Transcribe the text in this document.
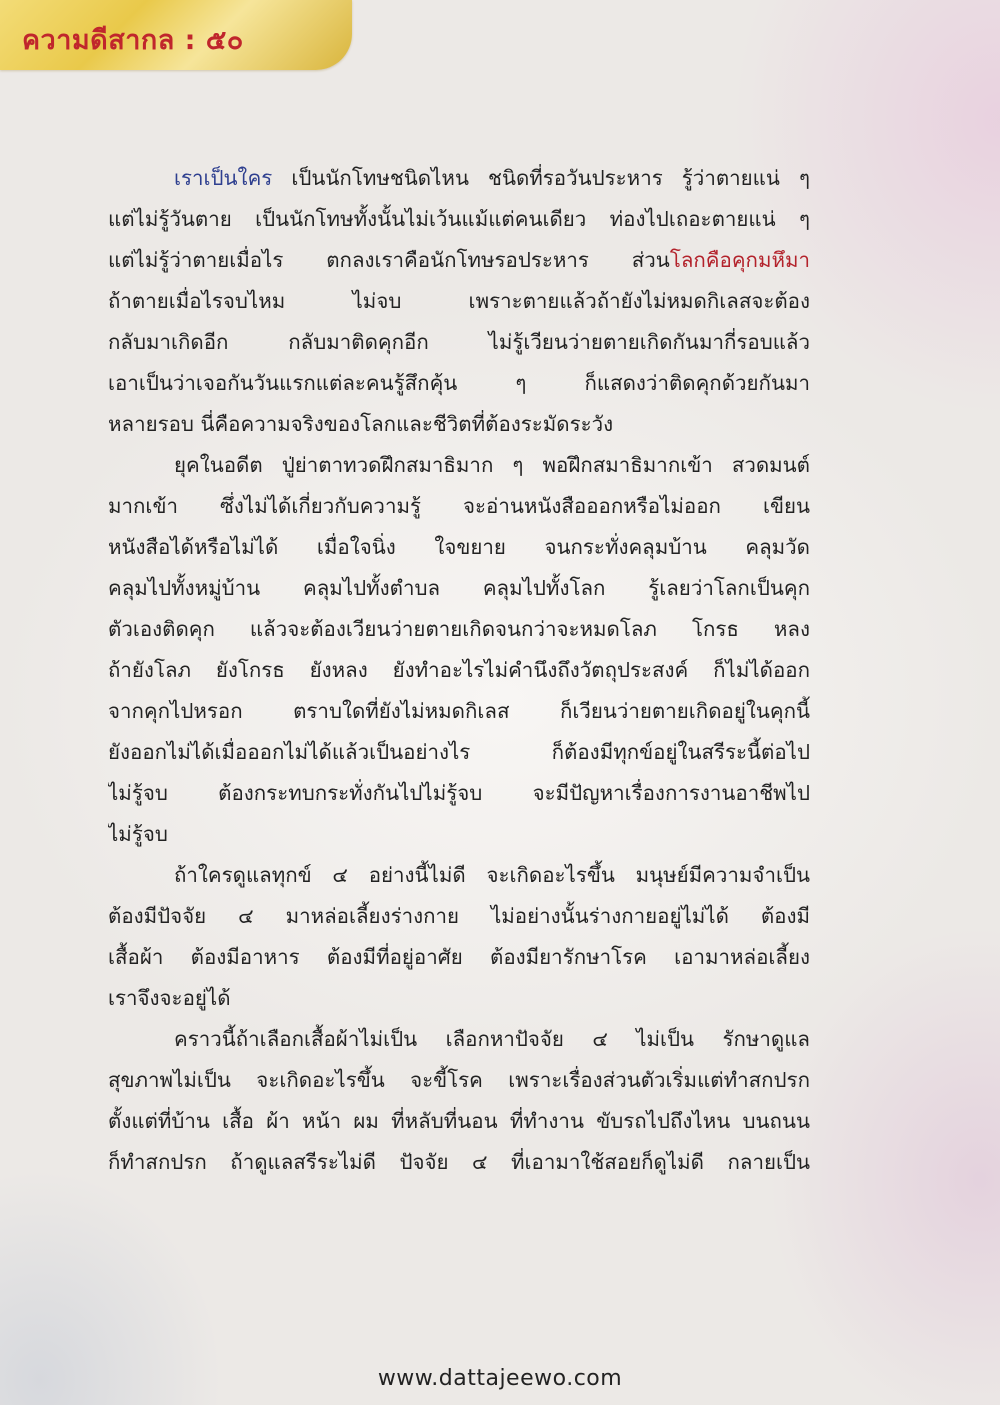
ความดีสากล : ๕๐
เราเป็นใคร เป็นนักโทษชนิดไหน ชนิดที่รอวันประหาร รู้ว่าตายแน่ ๆ
แต่ไม่รู้วันตาย เป็นนักโทษทั้งนั้นไม่เว้นแม้แต่คนเดียว ท่องไปเถอะตายแน่ ๆ
แต่ไม่รู้ว่าตายเมื่อไร ตกลงเราคือนักโทษรอประหาร ส่วนโลกคือคุกมหึมา
ถ้าตายเมื่อไรจบไหม ไม่จบ เพราะตายแล้วถ้ายังไม่หมดกิเลสจะต้อง
กลับมาเกิดอีก กลับมาติดคุกอีก ไม่รู้เวียนว่ายตายเกิดกันมากี่รอบแล้ว
เอาเป็นว่าเจอกันวันแรกแต่ละคนรู้สึกคุ้น ๆ ก็แสดงว่าติดคุกด้วยกันมา
หลายรอบ นี่คือความจริงของโลกและชีวิตที่ต้องระมัดระวัง
ยุคในอดีต ปู่ย่าตาทวดฝึกสมาธิมาก ๆ พอฝึกสมาธิมากเข้า สวดมนต์
มากเข้า ซึ่งไม่ได้เกี่ยวกับความรู้ จะอ่านหนังสือออกหรือไม่ออก เขียน
หนังสือได้หรือไม่ได้ เมื่อใจนิ่ง ใจขยาย จนกระทั่งคลุมบ้าน คลุมวัด
คลุมไปทั้งหมู่บ้าน คลุมไปทั้งตำบล คลุมไปทั้งโลก รู้เลยว่าโลกเป็นคุก
ตัวเองติดคุก แล้วจะต้องเวียนว่ายตายเกิดจนกว่าจะหมดโลภ โกรธ หลง
ถ้ายังโลภ ยังโกรธ ยังหลง ยังทำอะไรไม่คำนึงถึงวัตถุประสงค์ ก็ไม่ได้ออก
จากคุกไปหรอก ตราบใดที่ยังไม่หมดกิเลส ก็เวียนว่ายตายเกิดอยู่ในคุกนี้
ยังออกไม่ได้เมื่อออกไม่ได้แล้วเป็นอย่างไร ก็ต้องมีทุกข์อยู่ในสรีระนี้ต่อไป
ไม่รู้จบ ต้องกระทบกระทั่งกันไปไม่รู้จบ จะมีปัญหาเรื่องการงานอาชีพไป
ไม่รู้จบ
ถ้าใครดูแลทุกข์ ๔ อย่างนี้ไม่ดี จะเกิดอะไรขึ้น มนุษย์มีความจำเป็น
ต้องมีปัจจัย ๔ มาหล่อเลี้ยงร่างกาย ไม่อย่างนั้นร่างกายอยู่ไม่ได้ ต้องมี
เสื้อผ้า ต้องมีอาหาร ต้องมีที่อยู่อาศัย ต้องมียารักษาโรค เอามาหล่อเลี้ยง
เราจึงจะอยู่ได้
คราวนี้ถ้าเลือกเสื้อผ้าไม่เป็น เลือกหาปัจจัย ๔ ไม่เป็น รักษาดูแล
สุขภาพไม่เป็น จะเกิดอะไรขึ้น จะขี้โรค เพราะเรื่องส่วนตัวเริ่มแต่ทำสกปรก
ตั้งแต่ที่บ้าน เสื้อ ผ้า หน้า ผม ที่หลับที่นอน ที่ทำงาน ขับรถไปถึงไหน บนถนน
ก็ทำสกปรก ถ้าดูแลสรีระไม่ดี ปัจจัย ๔ ที่เอามาใช้สอยก็ดูไม่ดี กลายเป็น
www.dattajeewo.com
